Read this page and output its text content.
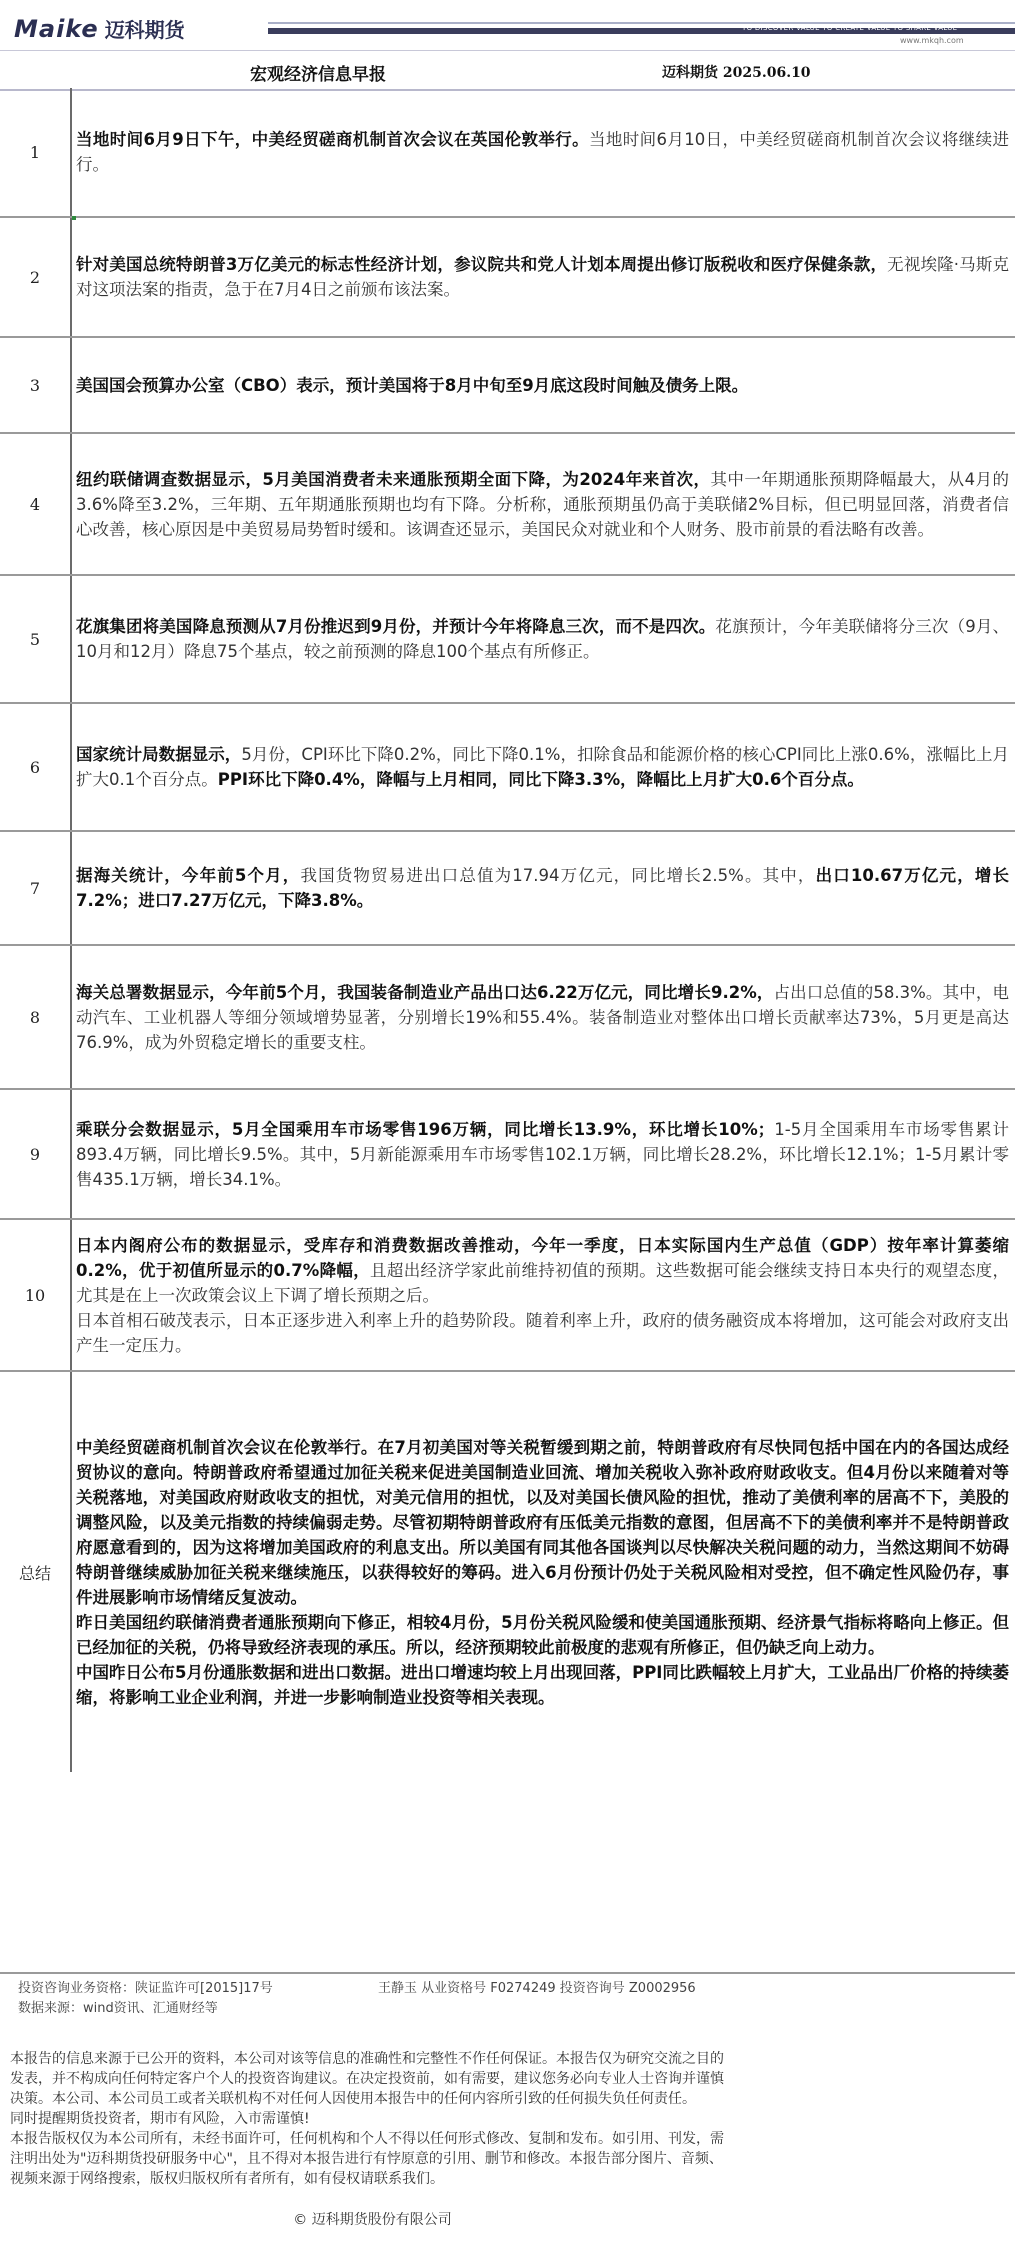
Maike 迈科期货	TO DISCOVER VALUE TO CREATE VALUE TO SHARE VALUE
www.mkqh.com
宏观经济信息早报	迈科期货 2025.06.10
1
当地时间6月9日下午，中美经贸磋商机制首次会议在英国伦敦举行。当地时间6月10日，中美经贸磋商机制首次会议将继续进行。
2
针对美国总统特朗普3万亿美元的标志性经济计划，参议院共和党人计划本周提出修订版税收和医疗保健条款，无视埃隆·马斯克对这项法案的指责，急于在7月4日之前颁布该法案。
3	美国国会预算办公室（CBO）表示，预计美国将于8月中旬至9月底这段时间触及债务上限。
4
纽约联储调查数据显示，5月美国消费者未来通胀预期全面下降，为2024年来首次，其中一年期通胀预期降幅最大，从4月的3.6%降至3.2%，三年期、五年期通胀预期也均有下降。分析称，通胀预期虽仍高于美联储2%目标，但已明显回落，消费者信心改善，核心原因是中美贸易局势暂时缓和。该调查还显示，美国民众对就业和个人财务、股市前景的看法略有改善。
5
花旗集团将美国降息预测从7月份推迟到9月份，并预计今年将降息三次，而不是四次。花旗预计，今年美联储将分三次（9月、10月和12月）降息75个基点，较之前预测的降息100个基点有所修正。
6
国家统计局数据显示，5月份，CPI环比下降0.2%，同比下降0.1%，扣除食品和能源价格的核心CPI同比上涨0.6%，涨幅比上月扩大0.1个百分点。PPI环比下降0.4%，降幅与上月相同，同比下降3.3%，降幅比上月扩大0.6个百分点。
7
据海关统计，今年前5个月，我国货物贸易进出口总值为17.94万亿元，同比增长2.5%。其中，出口10.67万亿元，增长7.2%；进口7.27万亿元，下降3.8%。
8
海关总署数据显示，今年前5个月，我国装备制造业产品出口达6.22万亿元，同比增长9.2%，占出口总值的58.3%。其中，电动汽车、工业机器人等细分领域增势显著，分别增长19%和55.4%。装备制造业对整体出口增长贡献率达73%，5月更是高达76.9%，成为外贸稳定增长的重要支柱。
9
乘联分会数据显示，5月全国乘用车市场零售196万辆，同比增长13.9%，环比增长10%；1-5月全国乘用车市场零售累计893.4万辆，同比增长9.5%。其中，5月新能源乘用车市场零售102.1万辆，同比增长28.2%，环比增长12.1%；1-5月累计零售435.1万辆，增长34.1%。
10
日本内阁府公布的数据显示，受库存和消费数据改善推动，今年一季度，日本实际国内生产总值（GDP）按年率计算萎缩0.2%，优于初值所显示的0.7%降幅，且超出经济学家此前维持初值的预期。这些数据可能会继续支持日本央行的观望态度，尤其是在上一次政策会议上下调了增长预期之后。
日本首相石破茂表示，日本正逐步进入利率上升的趋势阶段。随着利率上升，政府的债务融资成本将增加，这可能会对政府支出产生一定压力。
总结
中美经贸磋商机制首次会议在伦敦举行。在7月初美国对等关税暂缓到期之前，特朗普政府有尽快同包括中国在内的各国达成经贸协议的意向。特朗普政府希望通过加征关税来促进美国制造业回流、增加关税收入弥补政府财政收支。但4月份以来随着对等关税落地，对美国政府财政收支的担忧，对美元信用的担忧，以及对美国长债风险的担忧，推动了美债利率的居高不下，美股的调整风险，以及美元指数的持续偏弱走势。尽管初期特朗普政府有压低美元指数的意图，但居高不下的美债利率并不是特朗普政府愿意看到的，因为这将增加美国政府的利息支出。所以美国有同其他各国谈判以尽快解决关税问题的动力，当然这期间不妨碍特朗普继续威胁加征关税来继续施压，以获得较好的筹码。进入6月份预计仍处于关税风险相对受控，但不确定性风险仍存，事件进展影响市场情绪反复波动。
昨日美国纽约联储消费者通胀预期向下修正，相较4月份，5月份关税风险缓和使美国通胀预期、经济景气指标将略向上修正。但已经加征的关税，仍将导致经济表现的承压。所以，经济预期较此前极度的悲观有所修正，但仍缺乏向上动力。
中国昨日公布5月份通胀数据和进出口数据。进出口增速均较上月出现回落，PPI同比跌幅较上月扩大，工业品出厂价格的持续萎缩，将影响工业企业利润，并进一步影响制造业投资等相关表现。
投资咨询业务资格：陕证监许可[2015]17号	王静玉 从业资格号 F0274249 投资咨询号 Z0002956
数据来源：wind资讯、汇通财经等

本报告的信息来源于已公开的资料，本公司对该等信息的准确性和完整性不作任何保证。本报告仅为研究交流之目的发表，并不构成向任何特定客户个人的投资咨询建议。在决定投资前，如有需要，建议您务必向专业人士咨询并谨慎决策。本公司、本公司员工或者关联机构不对任何人因使用本报告中的任何内容所引致的任何损失负任何责任。

同时提醒期货投资者，期市有风险，入市需谨慎!

本报告版权仅为本公司所有，未经书面许可，任何机构和个人不得以任何形式修改、复制和发布。如引用、刊发，需注明出处为"迈科期货投研服务中心"，且不得对本报告进行有悖原意的引用、删节和修改。本报告部分图片、音频、视频来源于网络搜索，版权归版权所有者所有，如有侵权请联系我们。

© 迈科期货股份有限公司
